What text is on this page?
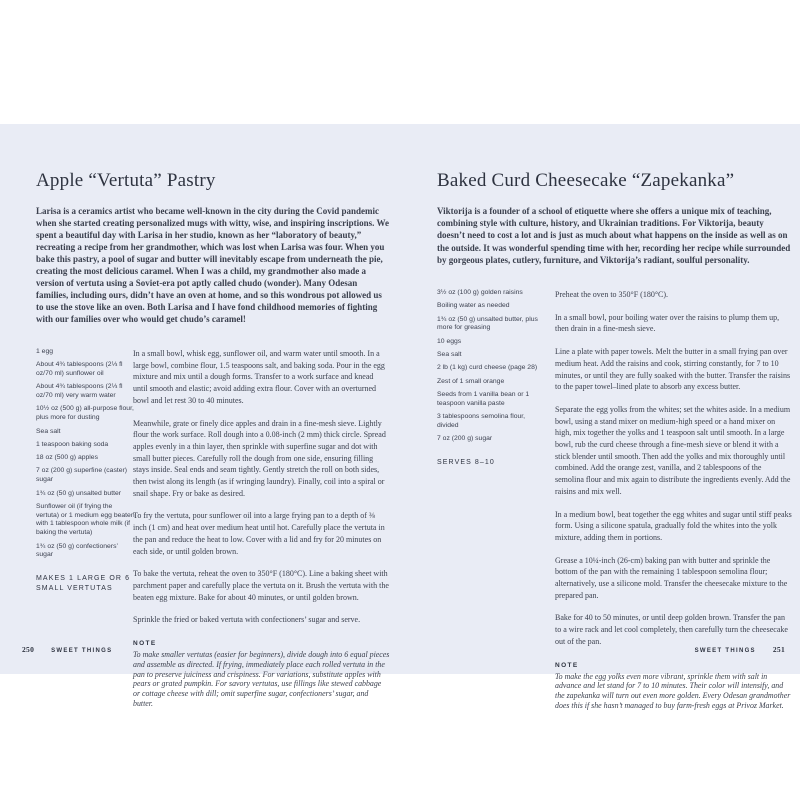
Apple “Vertuta” Pastry

Larisa is a ceramics artist who became well-known in the city during the Covid pandemic when she started creating personalized mugs with witty, wise, and inspiring inscriptions. We spent a beautiful day with Larisa in her studio, known as her “laboratory of beauty,” recreating a recipe from her grandmother, which was lost when Larisa was four. When you bake this pastry, a pool of sugar and butter will inevitably escape from underneath the pie, creating the most delicious caramel. When I was a child, my grandmother also made a version of vertuta using a Soviet-era pot aptly called chudo (wonder). Many Odesan families, including ours, didn’t have an oven at home, and so this wondrous pot allowed us to use the stove like an oven. Both Larisa and I have fond childhood memories of fighting with our families over who would get chudo’s caramel!

1 egg

About 4¾ tablespoons (2⅓ fl oz/70 ml) sunflower oil

About 4¾ tablespoons (2⅓ fl oz/70 ml) very warm water

10½ oz (500 g) all-purpose flour, plus more for dusting

Sea salt

1 teaspoon baking soda

18 oz (500 g) apples

7 oz (200 g) superfine (caster) sugar

1¾ oz (50 g) unsalted butter

Sunflower oil (if frying the vertuta) or 1 medium egg beaten with 1 tablespoon whole milk (if baking the vertuta)

1¾ oz (50 g) confectioners’ sugar

MAKES 1 LARGE OR 6 SMALL VERTUTAS

In a small bowl, whisk egg, sunflower oil, and warm water until smooth. In a large bowl, combine flour, 1.5 teaspoons salt, and baking soda. Pour in the egg mixture and mix until a dough forms. Transfer to a work surface and knead until smooth and elastic; avoid adding extra flour. Cover with an overturned bowl and let rest 30 to 40 minutes.

Meanwhile, grate or finely dice apples and drain in a fine-mesh sieve. Lightly flour the work surface. Roll dough into a 0.08-inch (2 mm) thick circle. Spread apples evenly in a thin layer, then sprinkle with superfine sugar and dot with small butter pieces. Carefully roll the dough from one side, ensuring filling stays inside. Seal ends and seam tightly. Gently stretch the roll on both sides, then twist along its length (as if wringing laundry). Finally, coil into a spiral or snail shape. Fry or bake as desired.

To fry the vertuta, pour sunflower oil into a large frying pan to a depth of ⅜ inch (1 cm) and heat over medium heat until hot. Carefully place the vertuta in the pan and reduce the heat to low. Cover with a lid and fry for 20 minutes on each side, or until golden brown.

To bake the vertuta, reheat the oven to 350°F (180°C). Line a baking sheet with parchment paper and carefully place the vertuta on it. Brush the vertuta with the beaten egg mixture. Bake for about 40 minutes, or until golden brown.

Sprinkle the fried or baked vertuta with confectioners’ sugar and serve.

NOTE

To make smaller vertutas (easier for beginners), divide dough into 6 equal pieces and assemble as directed. If frying, immediately place each rolled vertuta in the pan to preserve juiciness and crispiness. For variations, substitute apples with pears or grated pumpkin. For savory vertutas, use fillings like stewed cabbage or cottage cheese with dill; omit superfine sugar, confectioners’ sugar, and butter.

250	SWEET THINGS
Baked Curd Cheesecake “Zapekanka”

Viktorija is a founder of a school of etiquette where she offers a unique mix of teaching, combining style with culture, history, and Ukrainian traditions. For Viktorija, beauty doesn’t need to cost a lot and is just as much about what happens on the inside as well as on the outside. It was wonderful spending time with her, recording her recipe while surrounded by gorgeous plates, cutlery, furniture, and Viktorija’s radiant, soulful personality.

3½ oz (100 g) golden raisins

Boiling water as needed

1¾ oz (50 g) unsalted butter, plus more for greasing

10 eggs

Sea salt

2 lb (1 kg) curd cheese (page 28)

Zest of 1 small orange

Seeds from 1 vanilla bean or 1 teaspoon vanilla paste

3 tablespoons semolina flour, divided

7 oz (200 g) sugar

SERVES 8–10

Preheat the oven to 350°F (180°C).

In a small bowl, pour boiling water over the raisins to plump them up, then drain in a fine-mesh sieve.

Line a plate with paper towels. Melt the butter in a small frying pan over medium heat. Add the raisins and cook, stirring constantly, for 7 to 10 minutes, or until they are fully soaked with the butter. Transfer the raisins to the paper towel–lined plate to absorb any excess butter.

Separate the egg yolks from the whites; set the whites aside. In a medium bowl, using a stand mixer on medium-high speed or a hand mixer on high, mix together the yolks and 1 teaspoon salt until smooth. In a large bowl, rub the curd cheese through a fine-mesh sieve or blend it with a stick blender until smooth. Then add the yolks and mix thoroughly until combined. Add the orange zest, vanilla, and 2 tablespoons of the semolina flour and mix again to distribute the ingredients evenly. Add the raisins and mix well.

In a medium bowl, beat together the egg whites and sugar until stiff peaks form. Using a silicone spatula, gradually fold the whites into the yolk mixture, adding them in portions.

Grease a 10¼-inch (26-cm) baking pan with butter and sprinkle the bottom of the pan with the remaining 1 tablespoon semolina flour; alternatively, use a silicone mold. Transfer the cheesecake mixture to the prepared pan.

Bake for 40 to 50 minutes, or until deep golden brown. Transfer the pan to a wire rack and let cool completely, then carefully turn the cheesecake out of the pan.

NOTE

To make the egg yolks even more vibrant, sprinkle them with salt in advance and let stand for 7 to 10 minutes. Their color will intensify, and the zapekanka will turn out even more golden. Every Odesan grandmother does this if she hasn’t managed to buy farm-fresh eggs at Privoz Market.

SWEET THINGS 251
